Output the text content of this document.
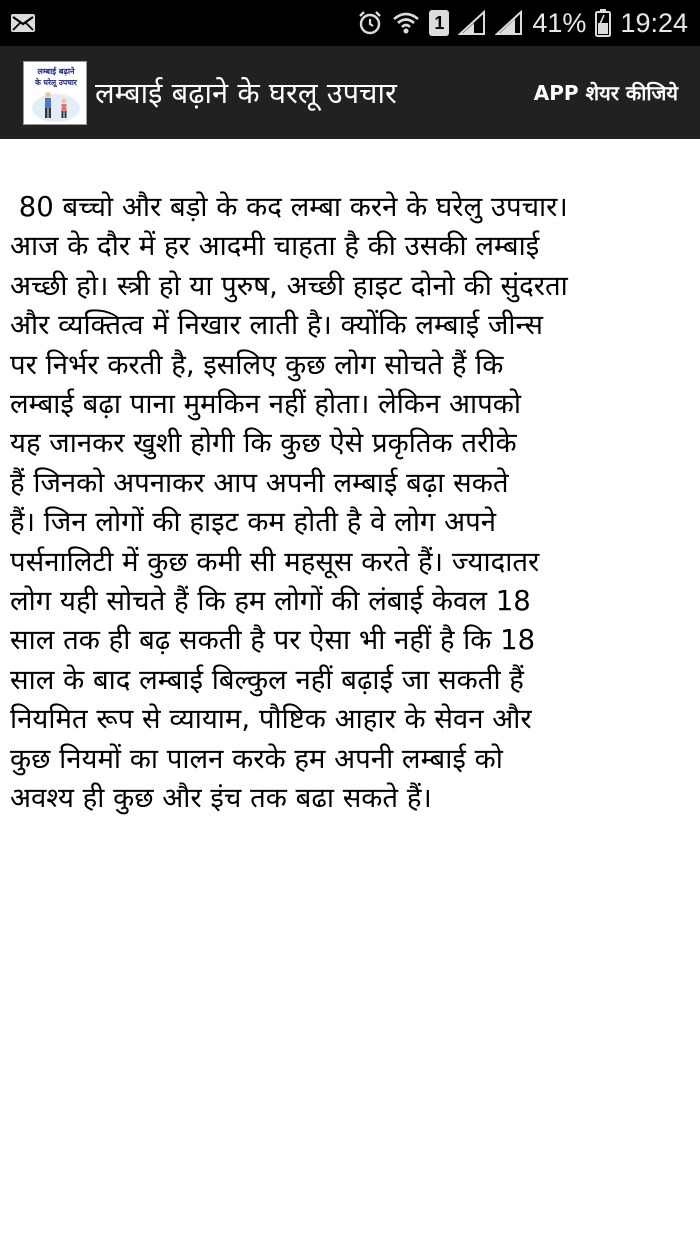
1	41% 19:24
लम्बाई बढ़ाने
के घरेलू उपचार लम्बाई बढ़ाने के घरलू उपचार	APP शेयर कीजिये

80 बच्चो और बड़ो के कद लम्बा करने के घरेलु उपचार।
आज के दौर में हर आदमी चाहता है की उसकी लम्बाई
अच्छी हो। स्त्री हो या पुरुष, अच्छी हाइट दोनो की सुंदरता
और व्यक्तित्व में निखार लाती है। क्योंकि लम्बाई जीन्स
पर निर्भर करती है, इसलिए कुछ लोग सोचते हैं कि
लम्बाई बढ़ा पाना मुमकिन नहीं होता। लेकिन आपको
यह जानकर खुशी होगी कि कुछ ऐसे प्रकृतिक तरीके
हैं जिनको अपनाकर आप अपनी लम्बाई बढ़ा सकते
हैं। जिन लोगों की हाइट कम होती है वे लोग अपने
पर्सनालिटी में कुछ कमी सी महसूस करते हैं। ज्यादातर
लोग यही सोचते हैं कि हम लोगों की लंबाई केवल 18
साल तक ही बढ़ सकती है पर ऐसा भी नहीं है कि 18
साल के बाद लम्बाई बिल्कुल नहीं बढ़ाई जा सकती हैं
नियमित रूप से व्यायाम, पौष्टिक आहार के सेवन और
कुछ नियमों का पालन करके हम अपनी लम्बाई को
अवश्य ही कुछ और इंच तक बढा सकते हैं।
